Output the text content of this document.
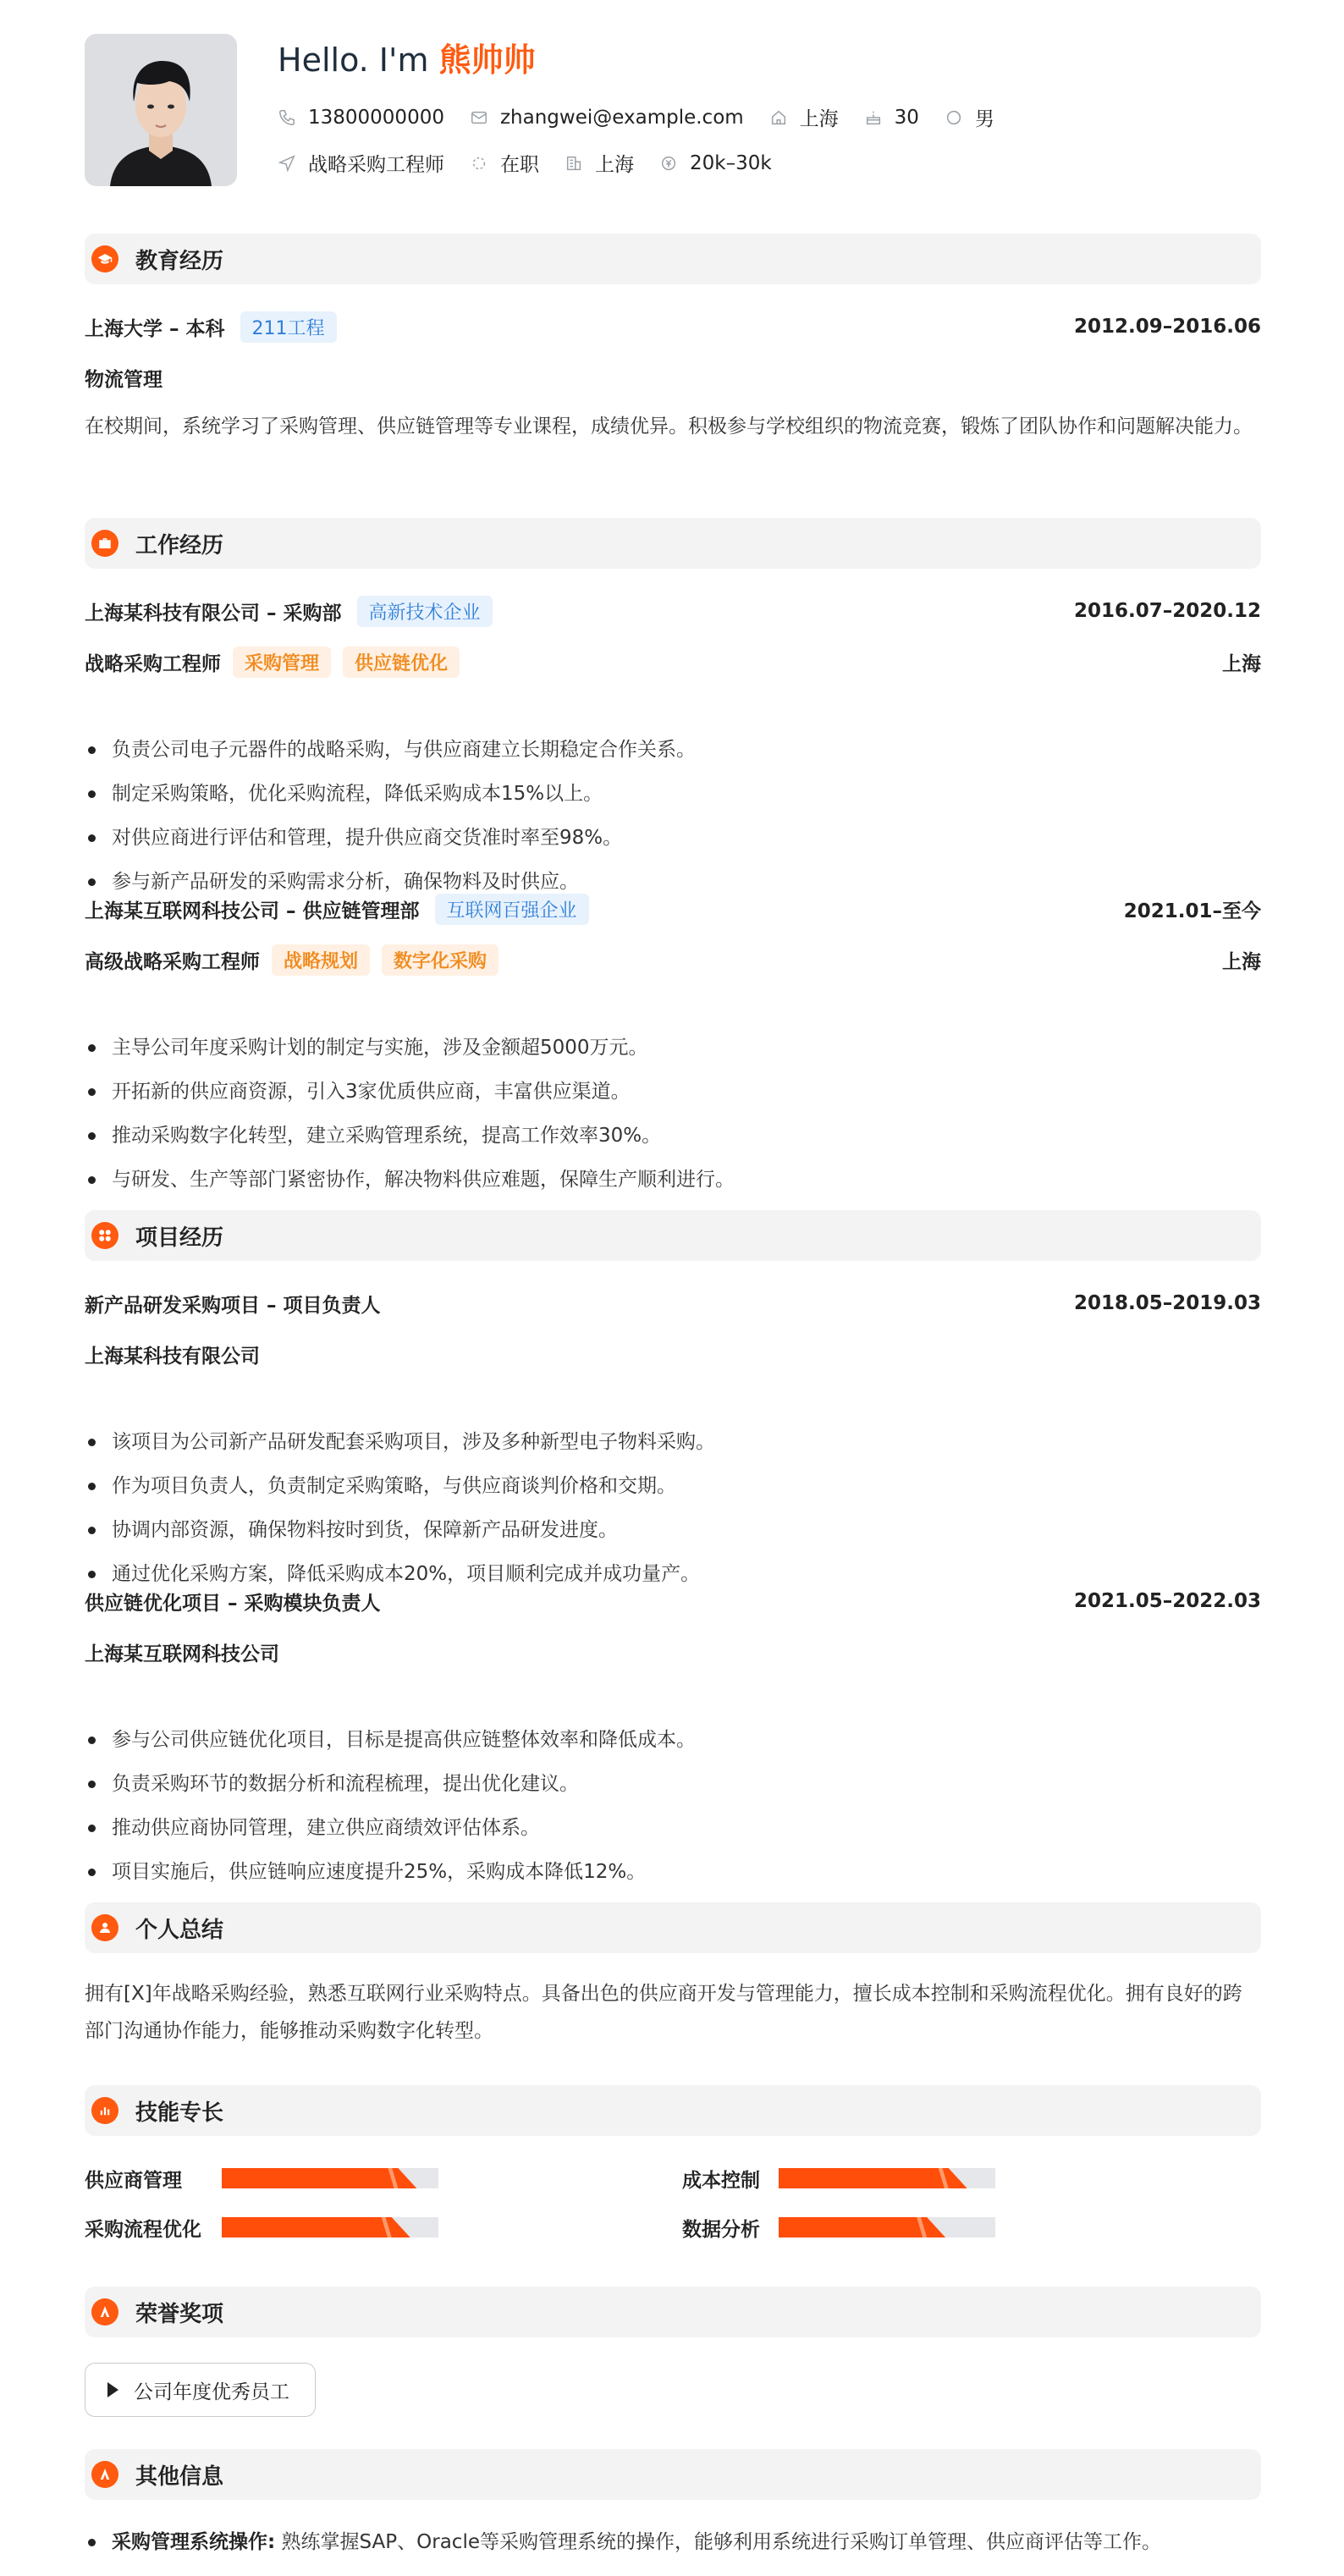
Hello. I'm 熊帅帅
13800000000	zhangwei@example.com	上海	30	男
战略采购工程师	在职	上海	20k–30k
教育经历
上海大学 – 本科	211工程	2012.09–2016.06
物流管理
在校期间，系统学习了采购管理、供应链管理等专业课程，成绩优异。积极参与学校组织的物流竞赛，锻炼了团队协作和问题解决能力。
工作经历
上海某科技有限公司 – 采购部	高新技术企业	2016.07–2020.12
战略采购工程师	采购管理	供应链优化	上海
负责公司电子元器件的战略采购，与供应商建立长期稳定合作关系。
制定采购策略，优化采购流程，降低采购成本15%以上。
对供应商进行评估和管理，提升供应商交货准时率至98%。
参与新产品研发的采购需求分析，确保物料及时供应。
上海某互联网科技公司 – 供应链管理部	互联网百强企业	2021.01–至今
高级战略采购工程师	战略规划	数字化采购	上海
主导公司年度采购计划的制定与实施，涉及金额超5000万元。
开拓新的供应商资源，引入3家优质供应商，丰富供应渠道。
推动采购数字化转型，建立采购管理系统，提高工作效率30%。
与研发、生产等部门紧密协作，解决物料供应难题，保障生产顺利进行。
项目经历
新产品研发采购项目 – 项目负责人	2018.05–2019.03
上海某科技有限公司
该项目为公司新产品研发配套采购项目，涉及多种新型电子物料采购。
作为项目负责人，负责制定采购策略，与供应商谈判价格和交期。
协调内部资源，确保物料按时到货，保障新产品研发进度。
通过优化采购方案，降低采购成本20%，项目顺利完成并成功量产。
供应链优化项目 – 采购模块负责人	2021.05–2022.03
上海某互联网科技公司
参与公司供应链优化项目，目标是提高供应链整体效率和降低成本。
负责采购环节的数据分析和流程梳理，提出优化建议。
推动供应商协同管理，建立供应商绩效评估体系。
项目实施后，供应链响应速度提升25%，采购成本降低12%。
个人总结
拥有[X]年战略采购经验，熟悉互联网行业采购特点。具备出色的供应商开发与管理能力，擅长成本控制和采购流程优化。拥有良好的跨部门沟通协作能力，能够推动采购数字化转型。
技能专长
供应商管理	成本控制
采购流程优化	数据分析
荣誉奖项
公司年度优秀员工
其他信息
采购管理系统操作: 熟练掌握SAP、Oracle等采购管理系统的操作，能够利用系统进行采购订单管理、供应商评估等工作。
